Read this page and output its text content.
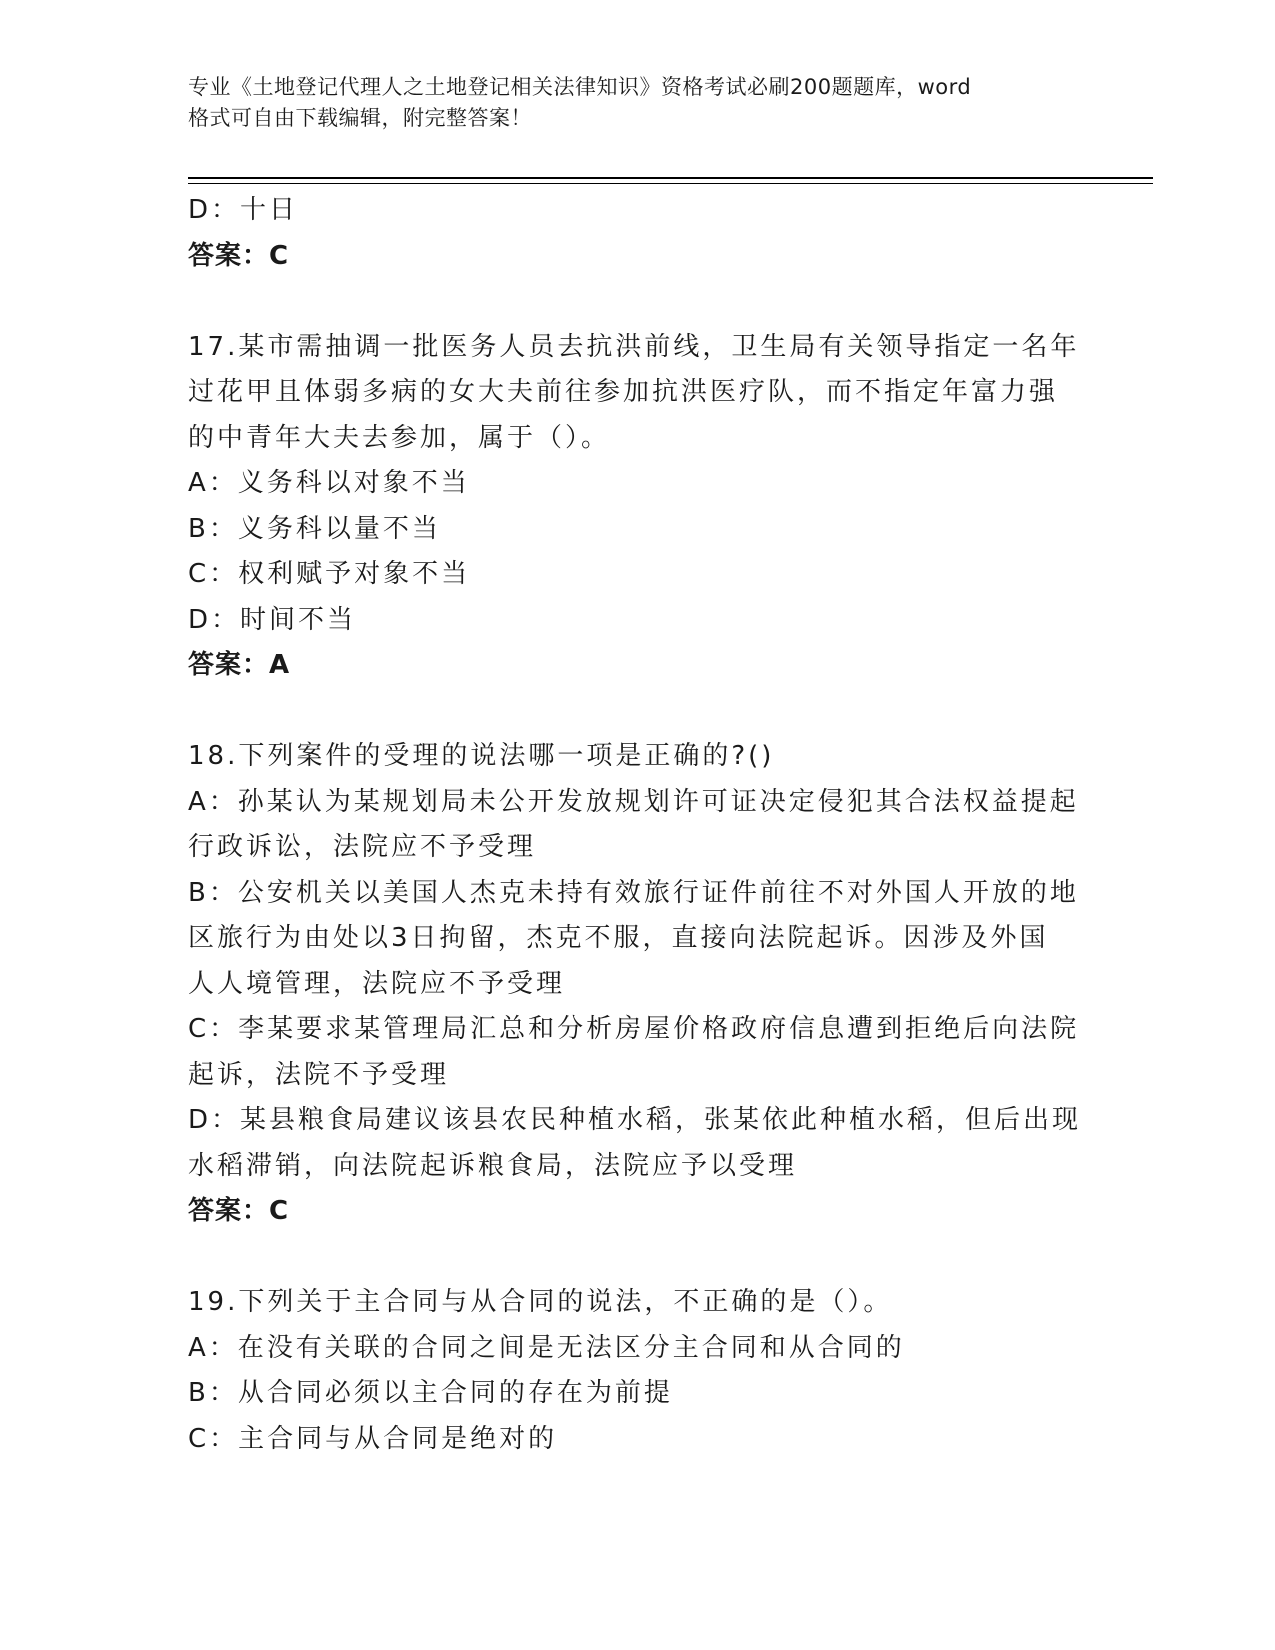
专业《土地登记代理人之土地登记相关法律知识》资格考试必刷200题题库，word
格式可自由下载编辑，附完整答案！
D：十日
答案：C
17.某市需抽调一批医务人员去抗洪前线，卫生局有关领导指定一名年
过花甲且体弱多病的女大夫前往参加抗洪医疗队，而不指定年富力强
的中青年大夫去参加，属于（）。
A：义务科以对象不当
B：义务科以量不当
C：权利赋予对象不当
D：时间不当
答案：A
18.下列案件的受理的说法哪一项是正确的?()
A：孙某认为某规划局未公开发放规划许可证决定侵犯其合法权益提起
行政诉讼，法院应不予受理
B：公安机关以美国人杰克未持有效旅行证件前往不对外国人开放的地
区旅行为由处以3日拘留，杰克不服，直接向法院起诉。因涉及外国
人人境管理，法院应不予受理
C：李某要求某管理局汇总和分析房屋价格政府信息遭到拒绝后向法院
起诉，法院不予受理
D：某县粮食局建议该县农民种植水稻，张某依此种植水稻，但后出现
水稻滞销，向法院起诉粮食局，法院应予以受理
答案：C
19.下列关于主合同与从合同的说法，不正确的是（）。
A：在没有关联的合同之间是无法区分主合同和从合同的
B：从合同必须以主合同的存在为前提
C：主合同与从合同是绝对的
